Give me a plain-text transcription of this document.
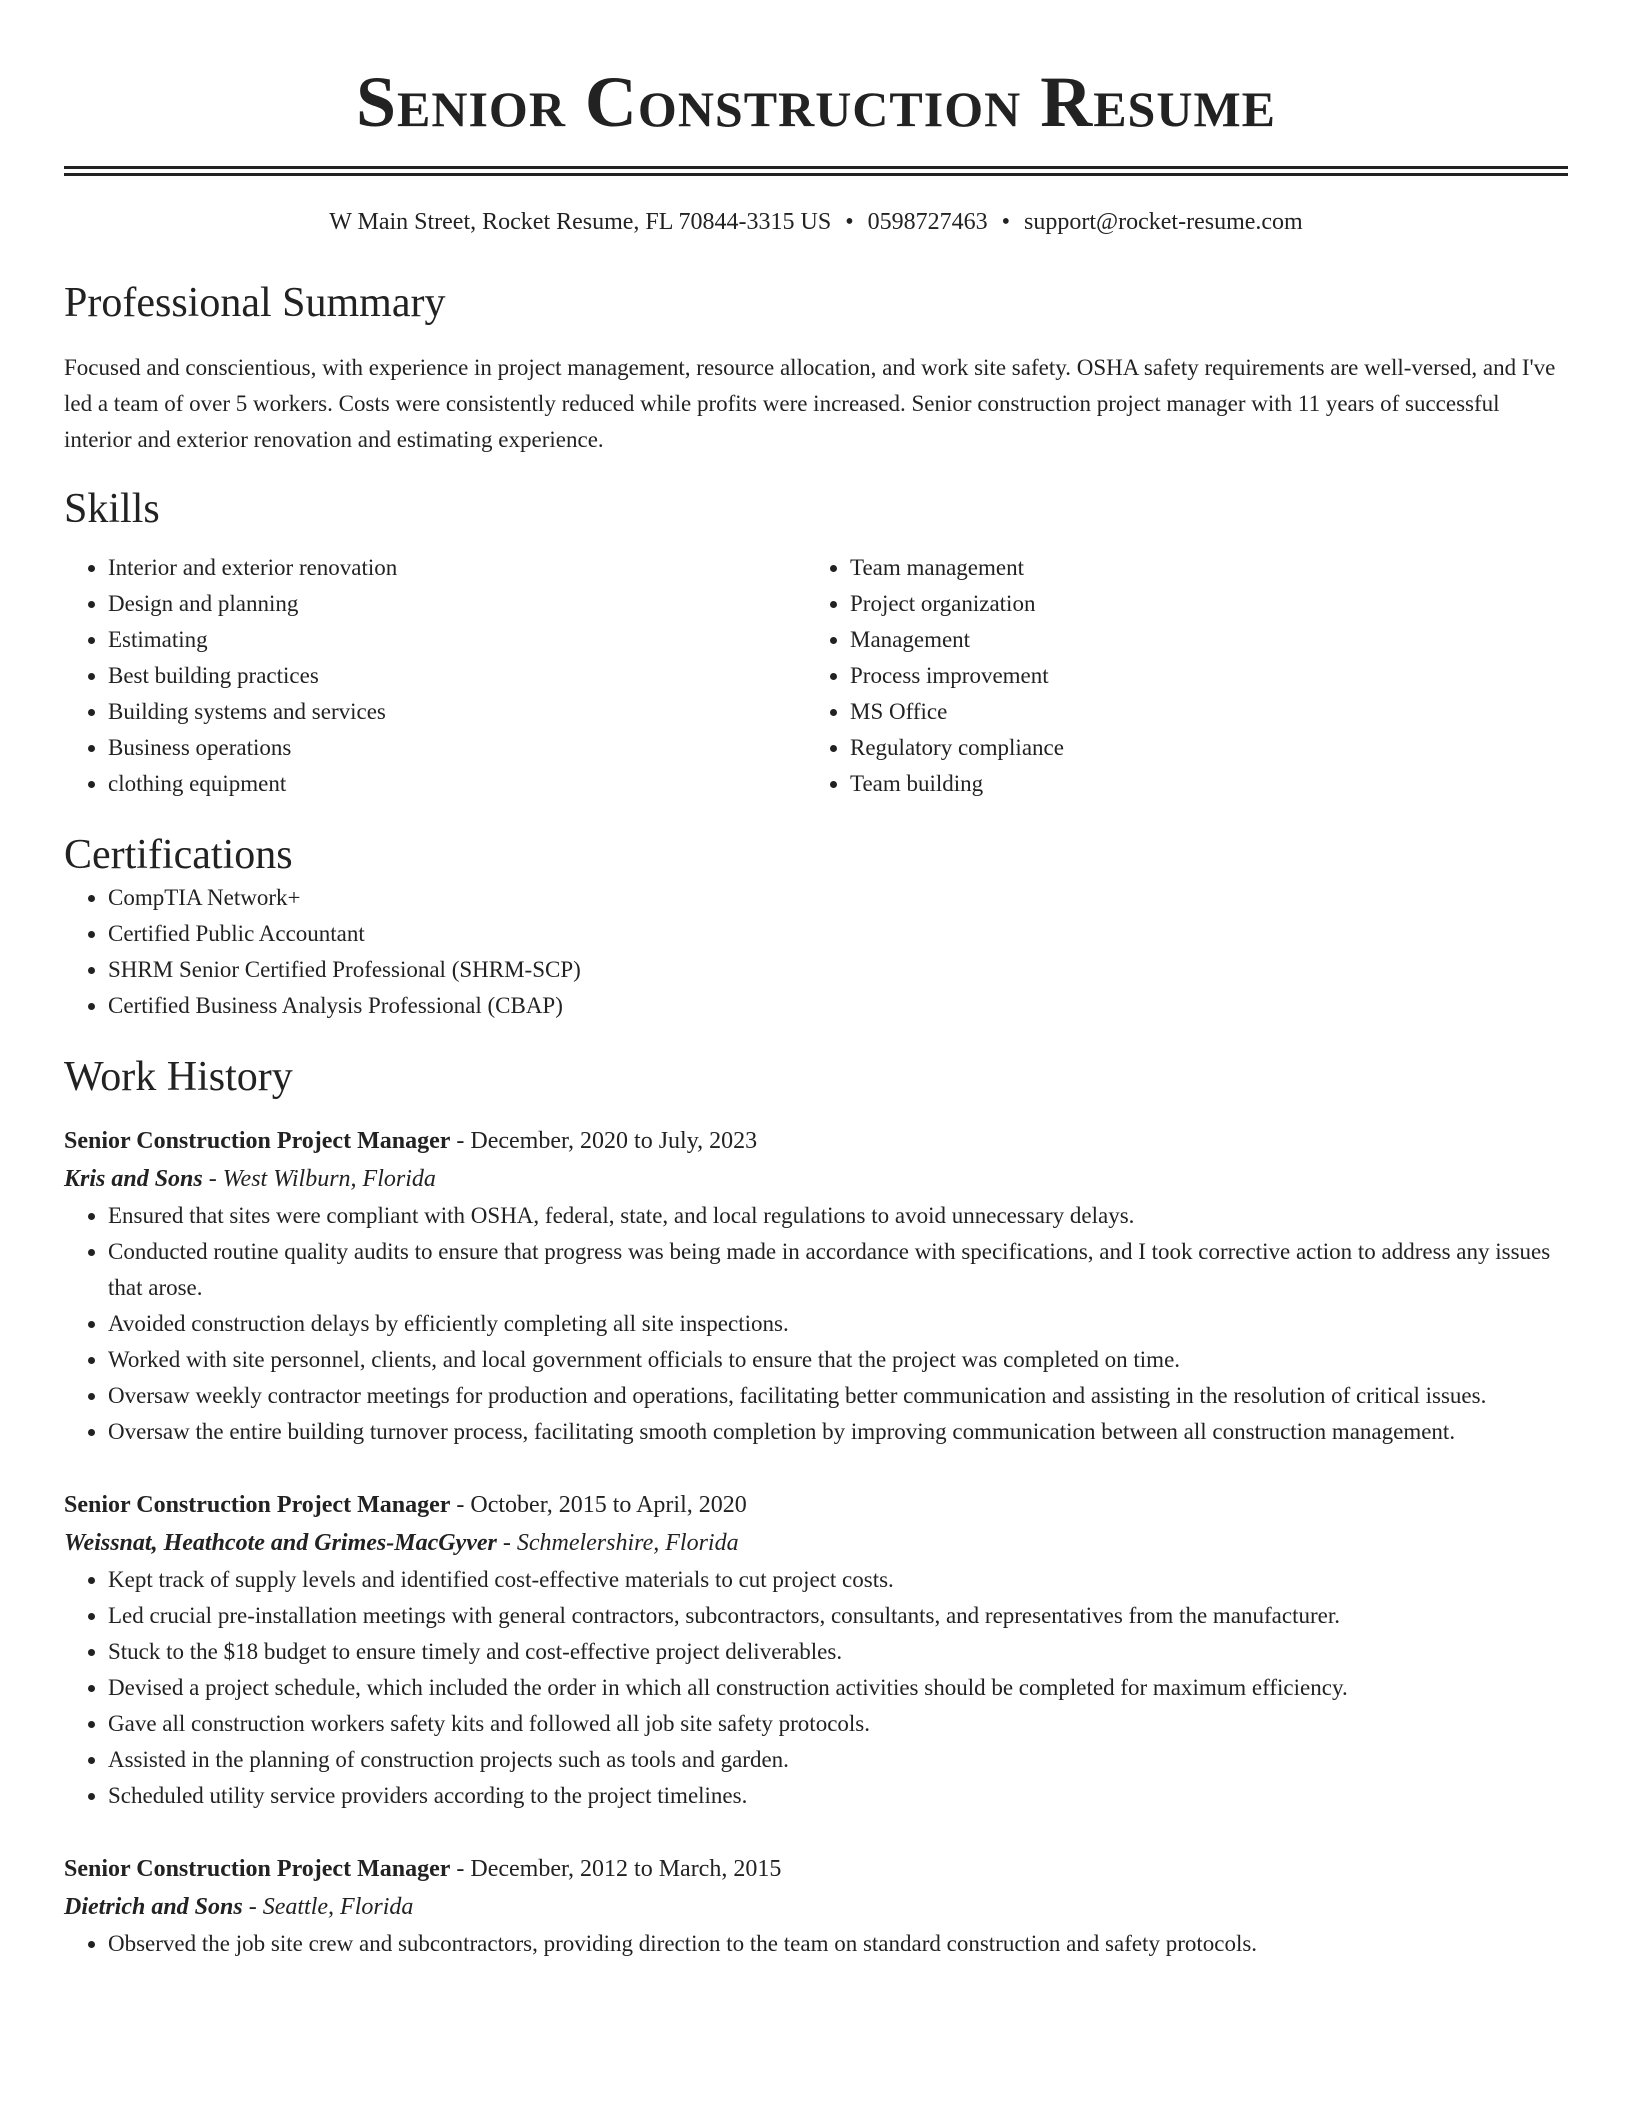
Senior Construction Resume
W Main Street, Rocket Resume, FL 70844-3315 US • 0598727463 • support@rocket-resume.com
Professional Summary

Focused and conscientious, with experience in project management, resource allocation, and work site safety. OSHA safety requirements are well-versed, and I've led a team of over 5 workers. Costs were consistently reduced while profits were increased. Senior construction project manager with 11 years of successful interior and exterior renovation and estimating experience.

Skills
• Interior and exterior renovation
• Design and planning
• Estimating
• Best building practices
• Building systems and services
• Business operations
• clothing equipment
• Team management
• Project organization
• Management
• Process improvement
• MS Office
• Regulatory compliance
• Team building
Certifications
• CompTIA Network+
• Certified Public Accountant
• SHRM Senior Certified Professional (SHRM-SCP)
• Certified Business Analysis Professional (CBAP)
Work History
Senior Construction Project Manager - December, 2020 to July, 2023
Kris and Sons - West Wilburn, Florida
• Ensured that sites were compliant with OSHA, federal, state, and local regulations to avoid unnecessary delays.
• Conducted routine quality audits to ensure that progress was being made in accordance with specifications, and I took corrective action to address any issues that arose.
• Avoided construction delays by efficiently completing all site inspections.
• Worked with site personnel, clients, and local government officials to ensure that the project was completed on time.
• Oversaw weekly contractor meetings for production and operations, facilitating better communication and assisting in the resolution of critical issues.
• Oversaw the entire building turnover process, facilitating smooth completion by improving communication between all construction management.
Senior Construction Project Manager - October, 2015 to April, 2020
Weissnat, Heathcote and Grimes-MacGyver - Schmelershire, Florida
• Kept track of supply levels and identified cost-effective materials to cut project costs.
• Led crucial pre-installation meetings with general contractors, subcontractors, consultants, and representatives from the manufacturer.
• Stuck to the $18 budget to ensure timely and cost-effective project deliverables.
• Devised a project schedule, which included the order in which all construction activities should be completed for maximum efficiency.
• Gave all construction workers safety kits and followed all job site safety protocols.
• Assisted in the planning of construction projects such as tools and garden.
• Scheduled utility service providers according to the project timelines.
Senior Construction Project Manager - December, 2012 to March, 2015
Dietrich and Sons - Seattle, Florida
• Observed the job site crew and subcontractors, providing direction to the team on standard construction and safety protocols.
